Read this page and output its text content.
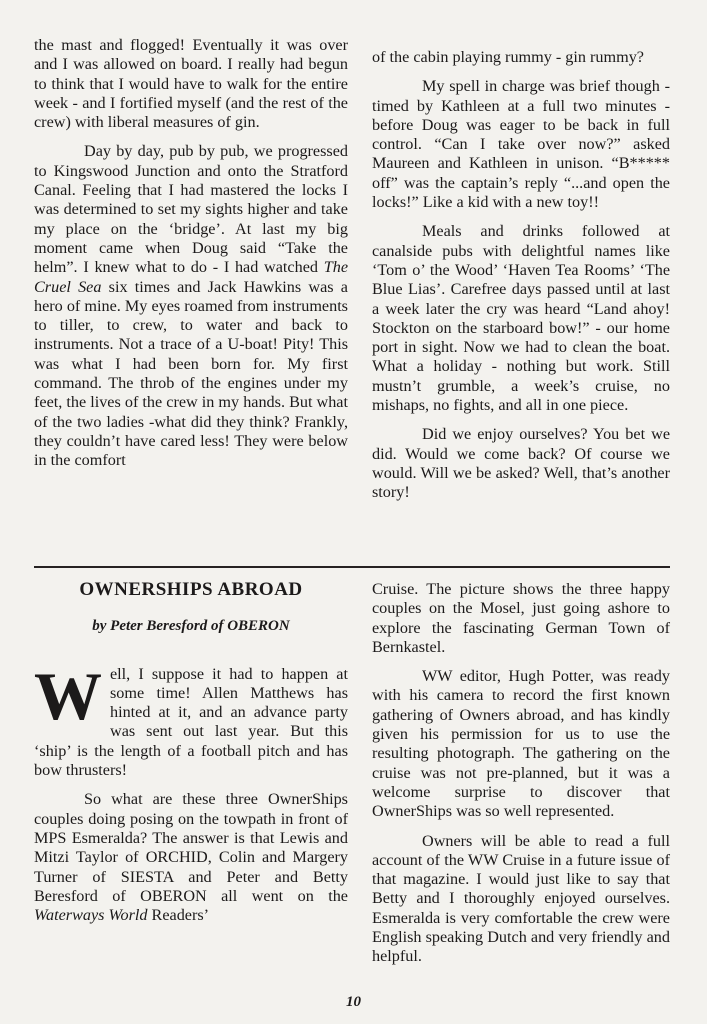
the mast and flogged! Eventually it was over and I was allowed on board. I really had begun to think that I would have to walk for the entire week - and I fortified myself (and the rest of the crew) with liberal measures of gin.

Day by day, pub by pub, we progressed to Kingswood Junction and onto the Stratford Canal. Feeling that I had mastered the locks I was determined to set my sights higher and take my place on the ‘bridge’. At last my big moment came when Doug said “Take the helm”. I knew what to do - I had watched The Cruel Sea six times and Jack Hawkins was a hero of mine. My eyes roamed from instruments to tiller, to crew, to water and back to instruments. Not a trace of a U-boat! Pity! This was what I had been born for. My first command. The throb of the engines under my feet, the lives of the crew in my hands. But what of the two ladies -what did they think? Frankly, they couldn’t have cared less! They were below in the comfort

of the cabin playing rummy - gin rummy?

My spell in charge was brief though - timed by Kathleen at a full two minutes - before Doug was eager to be back in full control. “Can I take over now?” asked Maureen and Kathleen in unison. “B***** off” was the captain’s reply “...and open the locks!” Like a kid with a new toy!!

Meals and drinks followed at canalside pubs with delightful names like ‘Tom o’ the Wood’ ‘Haven Tea Rooms’ ‘The Blue Lias’. Carefree days passed until at last a week later the cry was heard “Land ahoy! Stockton on the starboard bow!” - our home port in sight. Now we had to clean the boat. What a holiday - nothing but work. Still mustn’t grumble, a week’s cruise, no mishaps, no fights, and all in one piece.

Did we enjoy ourselves? You bet we did. Would we come back? Of course we would. Will we be asked? Well, that’s another story!

OWNERSHIPS ABROAD
by Peter Beresford of OBERON

Well, I suppose it had to happen at some time! Allen Matthews has hinted at it, and an advance party was sent out last year. But this ‘ship’ is the length of a football pitch and has bow thrusters!

So what are these three OwnerShips couples doing posing on the towpath in front of MPS Esmeralda? The answer is that Lewis and Mitzi Taylor of ORCHID, Colin and Margery Turner of SIESTA and Peter and Betty Beresford of OBERON all went on the Waterways World Readers’

Cruise. The picture shows the three happy couples on the Mosel, just going ashore to explore the fascinating German Town of Bernkastel.

WW editor, Hugh Potter, was ready with his camera to record the first known gathering of Owners abroad, and has kindly given his permission for us to use the resulting photograph. The gathering on the cruise was not pre-planned, but it was a welcome surprise to discover that OwnerShips was so well represented.

Owners will be able to read a full account of the WW Cruise in a future issue of that magazine. I would just like to say that Betty and I thoroughly enjoyed ourselves. Esmeralda is very comfortable the crew were English speaking Dutch and very friendly and helpful.

10
